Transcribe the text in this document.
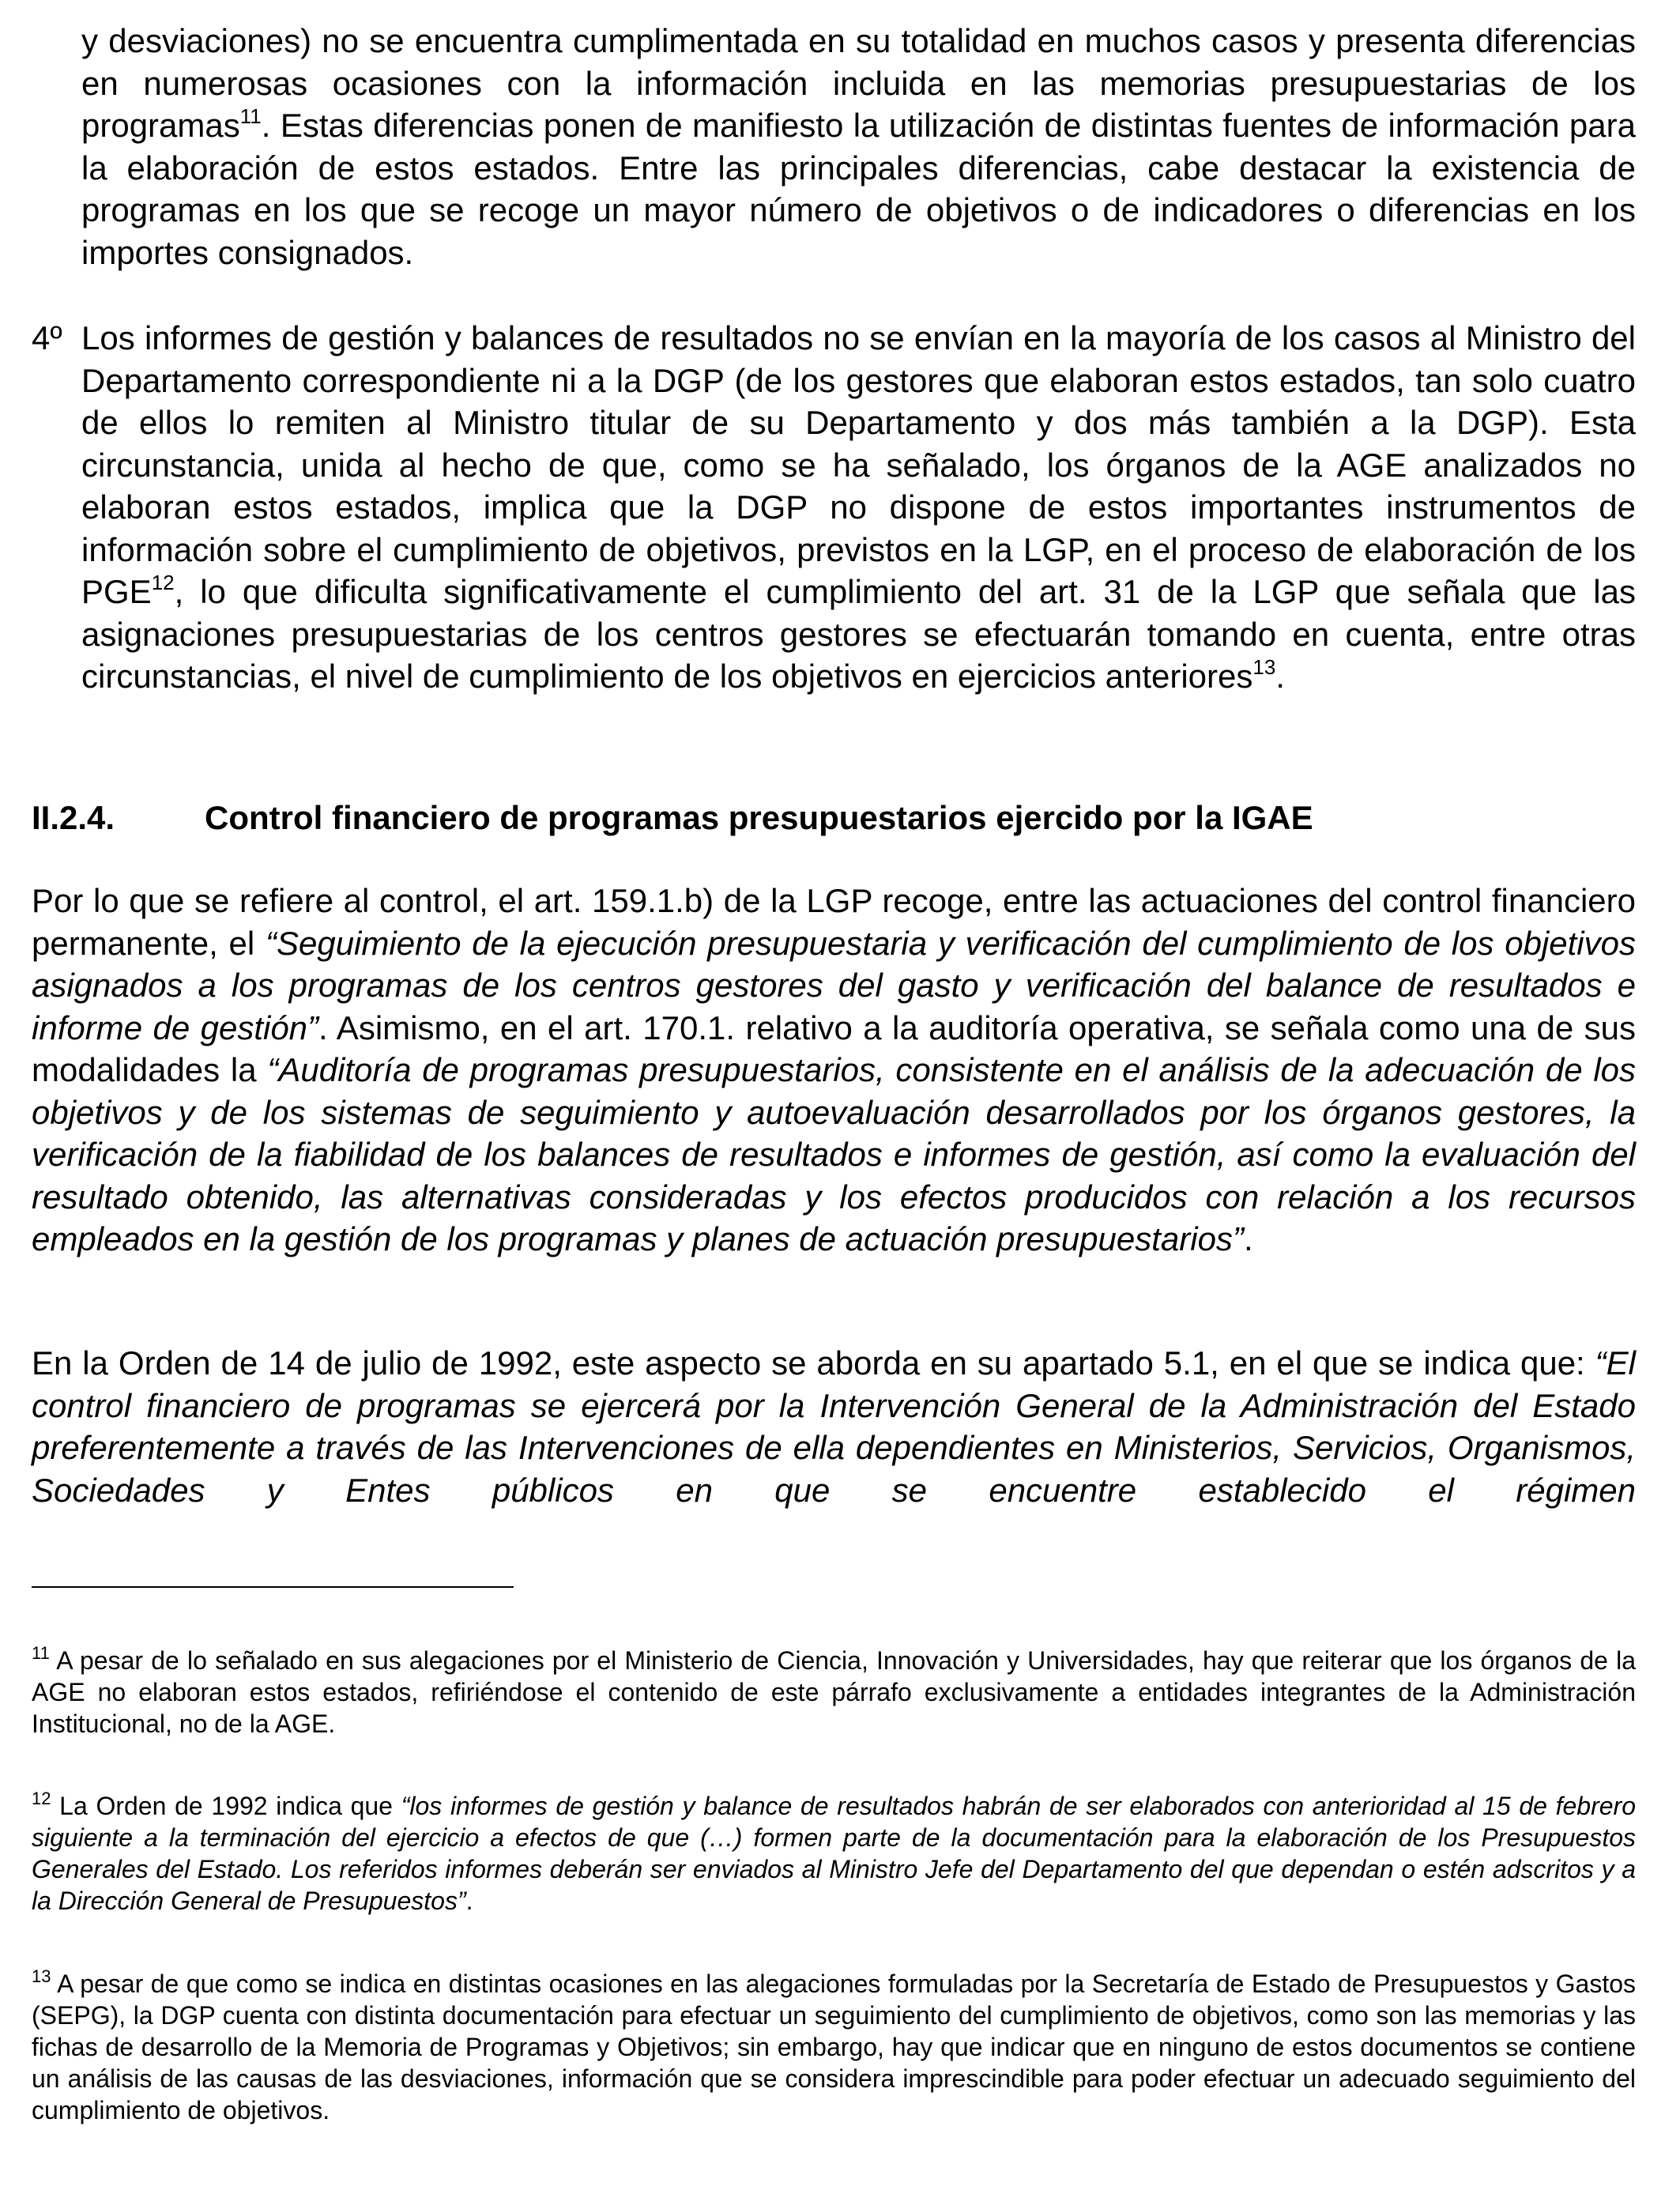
y desviaciones) no se encuentra cumplimentada en su totalidad en muchos casos y presenta diferencias en numerosas ocasiones con la información incluida en las memorias presupuestarias de los programas$^{11}$. Estas diferencias ponen de manifiesto la utilización de distintas fuentes de información para la elaboración de estos estados. Entre las principales diferencias, cabe destacar la existencia de programas en los que se recoge un mayor número de objetivos o de indicadores o diferencias en los importes consignados.

4º Los informes de gestión y balances de resultados no se envían en la mayoría de los casos al Ministro del Departamento correspondiente ni a la DGP (de los gestores que elaboran estos estados, tan solo cuatro de ellos lo remiten al Ministro titular de su Departamento y dos más también a la DGP). Esta circunstancia, unida al hecho de que, como se ha señalado, los órganos de la AGE analizados no elaboran estos estados, implica que la DGP no dispone de estos importantes instrumentos de información sobre el cumplimiento de objetivos, previstos en la LGP, en el proceso de elaboración de los PGE$^{12}$, lo que dificulta significativamente el cumplimiento del art. 31 de la LGP que señala que las asignaciones presupuestarias de los centros gestores se efectuarán tomando en cuenta, entre otras circunstancias, el nivel de cumplimiento de los objetivos en ejercicios anteriores$^{13}$.

II.2.4.	Control financiero de programas presupuestarios ejercido por la IGAE

Por lo que se refiere al control, el art. 159.1.b) de la LGP recoge, entre las actuaciones del control financiero permanente, el “Seguimiento de la ejecución presupuestaria y verificación del cumplimiento de los objetivos asignados a los programas de los centros gestores del gasto y verificación del balance de resultados e informe de gestión”. Asimismo, en el art. 170.1. relativo a la auditoría operativa, se señala como una de sus modalidades la “Auditoría de programas presupuestarios, consistente en el análisis de la adecuación de los objetivos y de los sistemas de seguimiento y autoevaluación desarrollados por los órganos gestores, la verificación de la fiabilidad de los balances de resultados e informes de gestión, así como la evaluación del resultado obtenido, las alternativas consideradas y los efectos producidos con relación a los recursos empleados en la gestión de los programas y planes de actuación presupuestarios”.

En la Orden de 14 de julio de 1992, este aspecto se aborda en su apartado 5.1, en el que se indica que: “El control financiero de programas se ejercerá por la Intervención General de la Administración del Estado preferentemente a través de las Intervenciones de ella dependientes en Ministerios, Servicios, Organismos, Sociedades y Entes públicos en que se encuentre establecido el régimen

$^{11}$ A pesar de lo señalado en sus alegaciones por el Ministerio de Ciencia, Innovación y Universidades, hay que reiterar que los órganos de la AGE no elaboran estos estados, refiriéndose el contenido de este párrafo exclusivamente a entidades integrantes de la Administración Institucional, no de la AGE.

$^{12}$ La Orden de 1992 indica que “los informes de gestión y balance de resultados habrán de ser elaborados con anterioridad al 15 de febrero siguiente a la terminación del ejercicio a efectos de que (…) formen parte de la documentación para la elaboración de los Presupuestos Generales del Estado. Los referidos informes deberán ser enviados al Ministro Jefe del Departamento del que dependan o estén adscritos y a la Dirección General de Presupuestos”.

$^{13}$ A pesar de que como se indica en distintas ocasiones en las alegaciones formuladas por la Secretaría de Estado de Presupuestos y Gastos (SEPG), la DGP cuenta con distinta documentación para efectuar un seguimiento del cumplimiento de objetivos, como son las memorias y las fichas de desarrollo de la Memoria de Programas y Objetivos; sin embargo, hay que indicar que en ninguno de estos documentos se contiene un análisis de las causas de las desviaciones, información que se considera imprescindible para poder efectuar un adecuado seguimiento del cumplimiento de objetivos.
